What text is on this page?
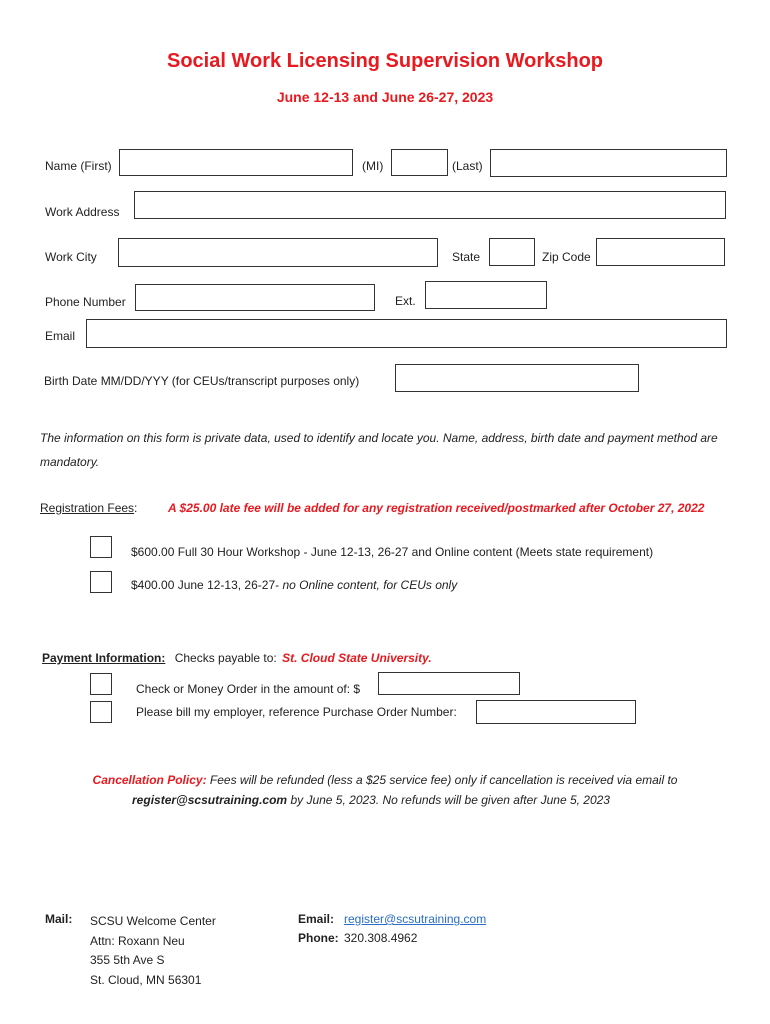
Social Work Licensing Supervision Workshop
June 12-13 and June 26-27, 2023
Name (First)	(MI)	(Last)
Work Address
Work City	State	Zip Code
Phone Number	Ext.
Email
Birth Date MM/DD/YYY (for CEUs/transcript purposes only)
The information on this form is private data, used to identify and locate you. Name, address, birth date and payment method are mandatory.
Registration Fees:	A $25.00 late fee will be added for any registration received/postmarked after October 27, 2022
$600.00 Full 30 Hour Workshop - June 12-13, 26-27 and Online content (Meets state requirement)
$400.00 June 12-13, 26-27- no Online content, for CEUs only
Payment Information: Checks payable to: St. Cloud State University.
Check or Money Order in the amount of: $
Please bill my employer, reference Purchase Order Number:
Cancellation Policy: Fees will be refunded (less a $25 service fee) only if cancellation is received via email to
register@scsutraining.com by June 5, 2023. No refunds will be given after June 5, 2023
Mail: SCSU Welcome Center
Attn: Roxann Neu
355 5th Ave S
St. Cloud, MN 56301
Email: register@scsutraining.com
Phone: 320.308.4962
